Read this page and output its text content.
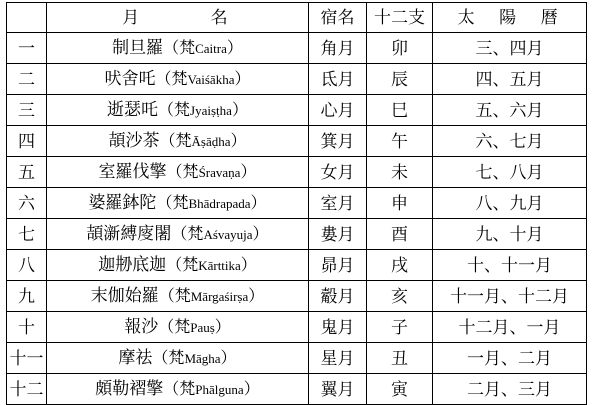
	月　　　名	宿名	十二支	太　陽　曆
一	制旦羅（梵Caitra）	角月	卯	三、四月
二	吠舍吒（梵Vaiśākha）	氐月	辰	四、五月
三	逝瑟吒（梵Jyaiṣṭha）	心月	巳	五、六月
四	頡沙茶（梵Āṣāḍha）	箕月	午	六、七月
五	室羅伐擎（梵Śravaṇa）	女月	未	七、八月
六	婆羅鉢陀（梵Bhādrapada）	室月	申	八、九月
七	頡澵縛廀闍（梵Aśvayuja）	婁月	酉	九、十月
八	迦刱底迦（梵Kārttika）	昴月	戌	十、十一月
九	末伽始羅（梵Mārgaśirṣa）	觳月	亥	十一月、十二月
十	報沙（梵Pauṣ）	鬼月	子	十二月、一月
十一	摩祛（梵Māgha）	星月	丑	一月、二月
十二	頗勒褶擎（梵Phālguna）	翼月	寅	二月、三月
